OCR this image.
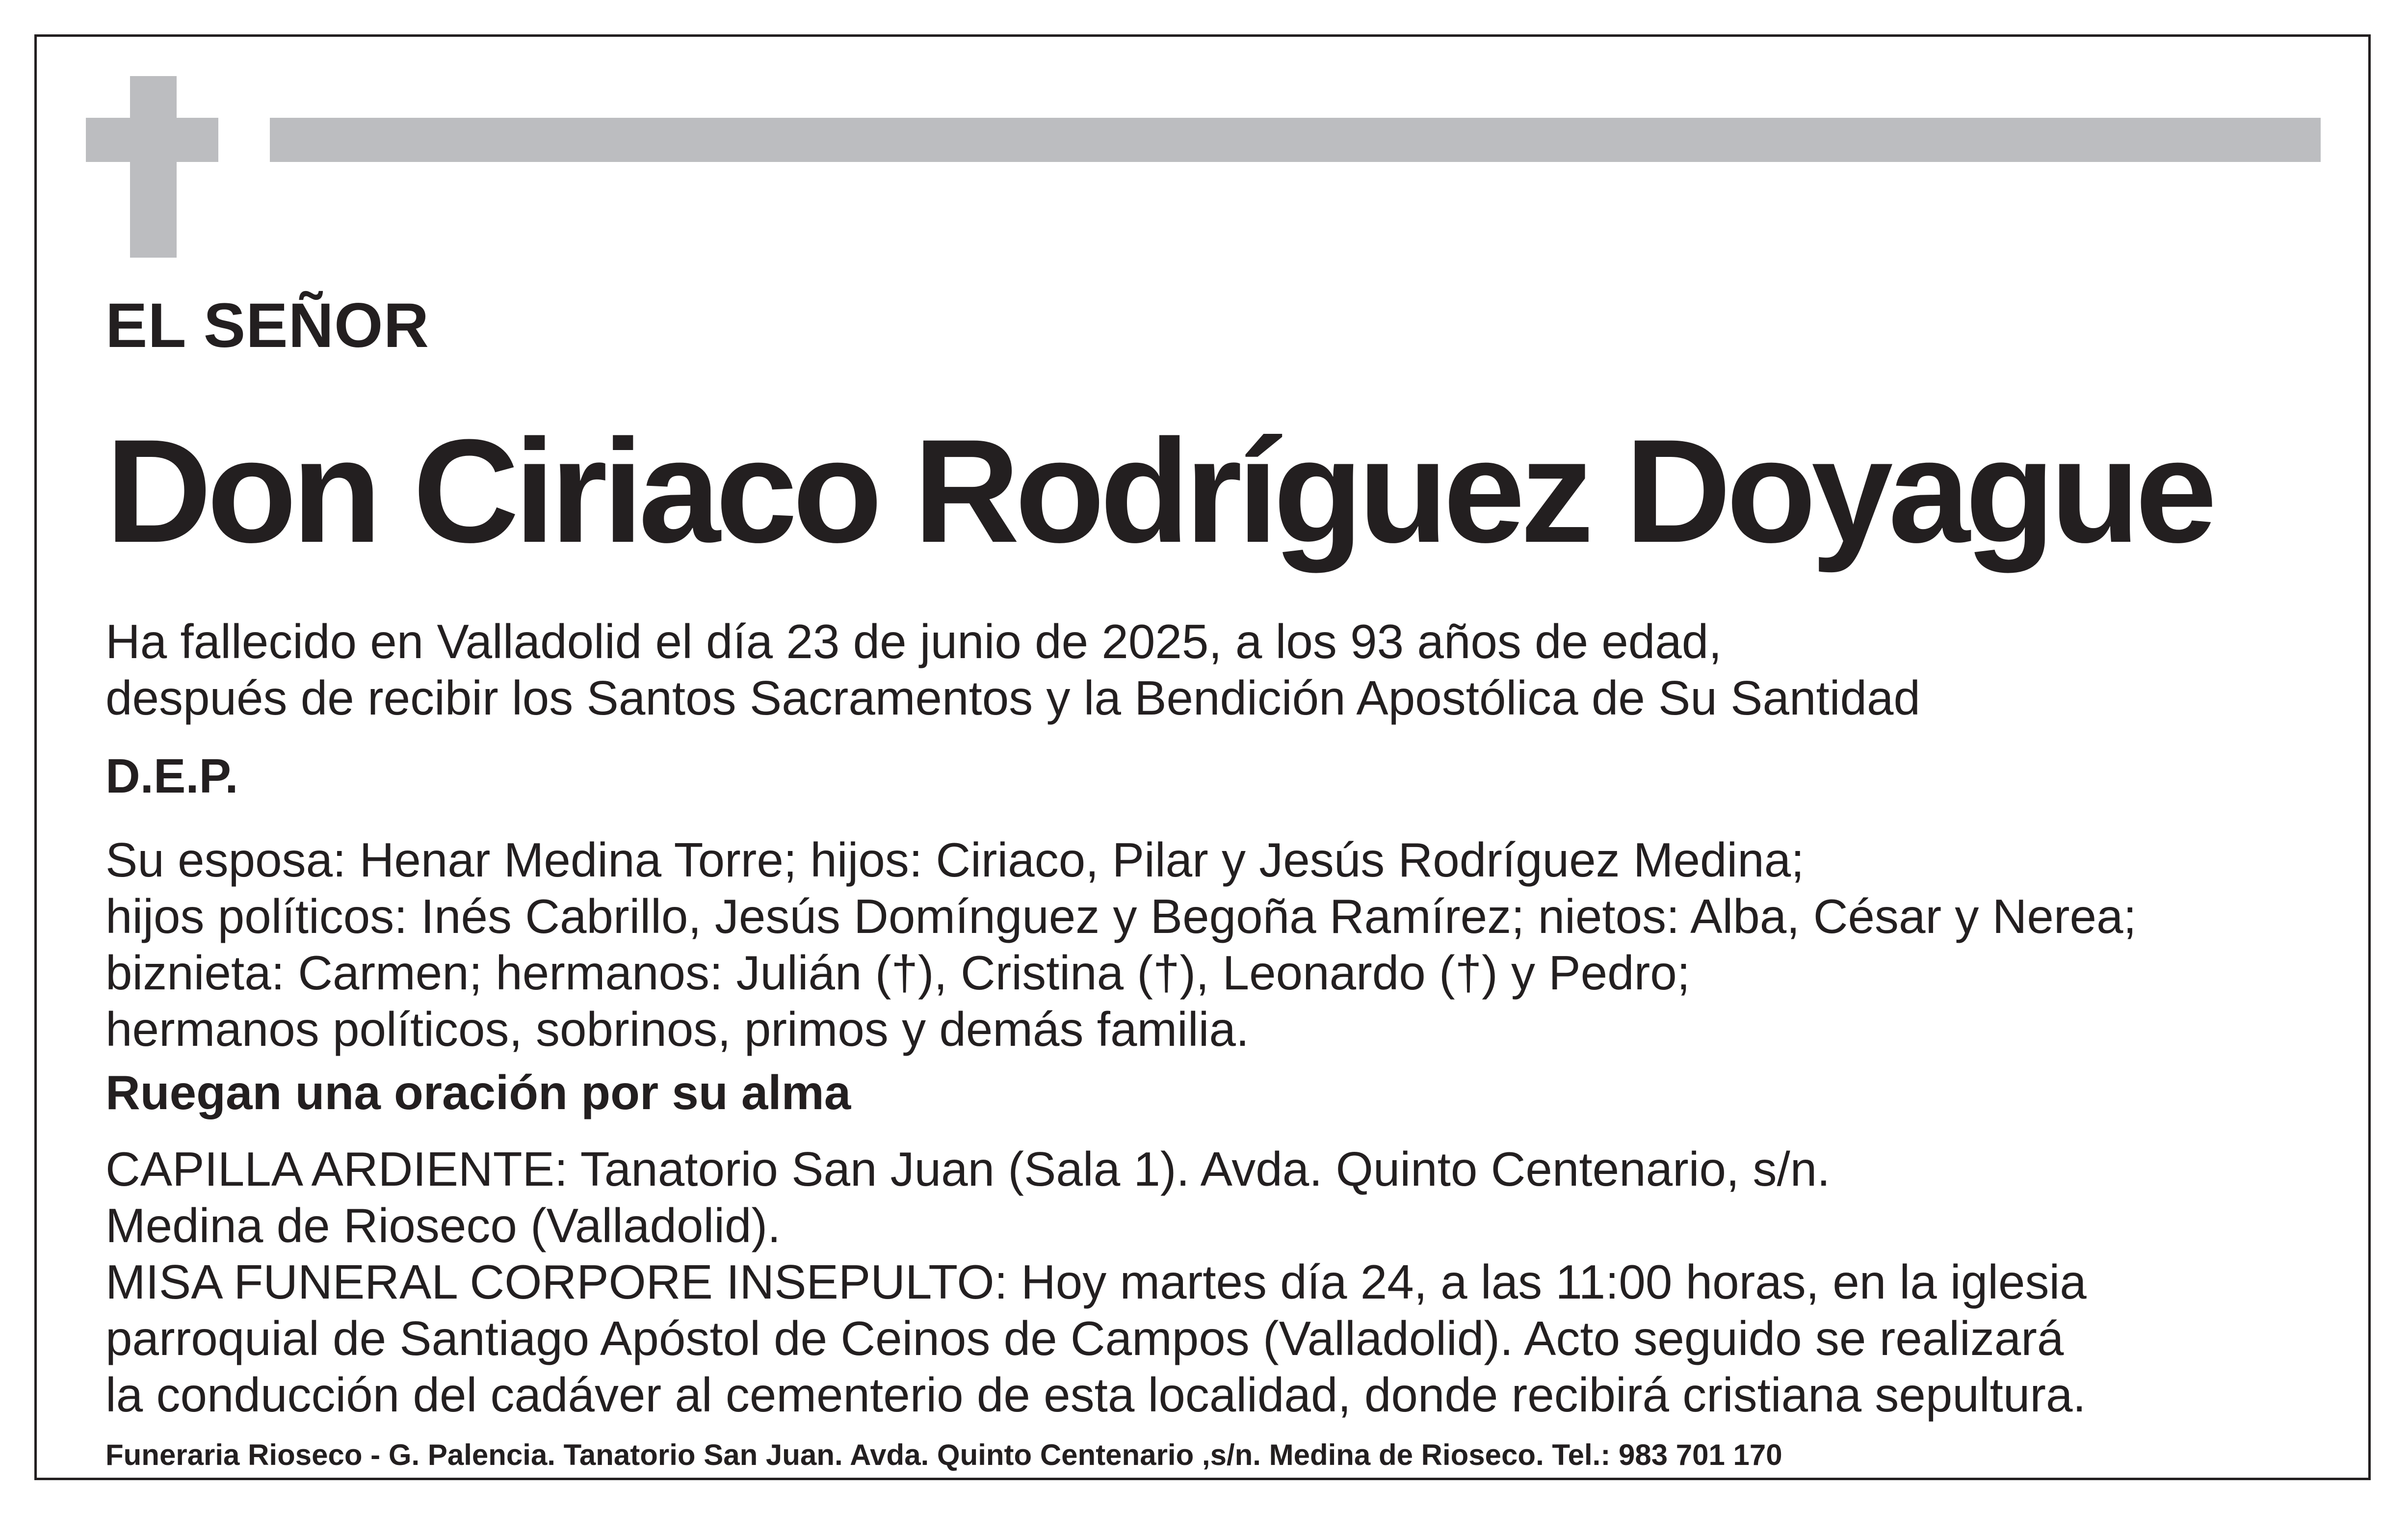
EL SEÑOR
Don Ciriaco Rodríguez Doyague
Ha fallecido en Valladolid el día 23 de junio de 2025, a los 93 años de edad,
después de recibir los Santos Sacramentos y la Bendición Apostólica de Su Santidad
D.E.P.
Su esposa: Henar Medina Torre; hijos: Ciriaco, Pilar y Jesús Rodríguez Medina;
hijos políticos: Inés Cabrillo, Jesús Domínguez y Begoña Ramírez; nietos: Alba, César y Nerea;
biznieta: Carmen; hermanos: Julián (†), Cristina (†), Leonardo (†) y Pedro;
hermanos políticos, sobrinos, primos y demás familia.
Ruegan una oración por su alma
CAPILLA ARDIENTE: Tanatorio San Juan (Sala 1). Avda. Quinto Centenario, s/n.
Medina de Rioseco (Valladolid).
MISA FUNERAL CORPORE INSEPULTO: Hoy martes día 24, a las 11:00 horas, en la iglesia
parroquial de Santiago Apóstol de Ceinos de Campos (Valladolid). Acto seguido se realizará
la conducción del cadáver al cementerio de esta localidad, donde recibirá cristiana sepultura.
Funeraria Rioseco - G. Palencia. Tanatorio San Juan. Avda. Quinto Centenario ,s/n. Medina de Rioseco. Tel.: 983 701 170
